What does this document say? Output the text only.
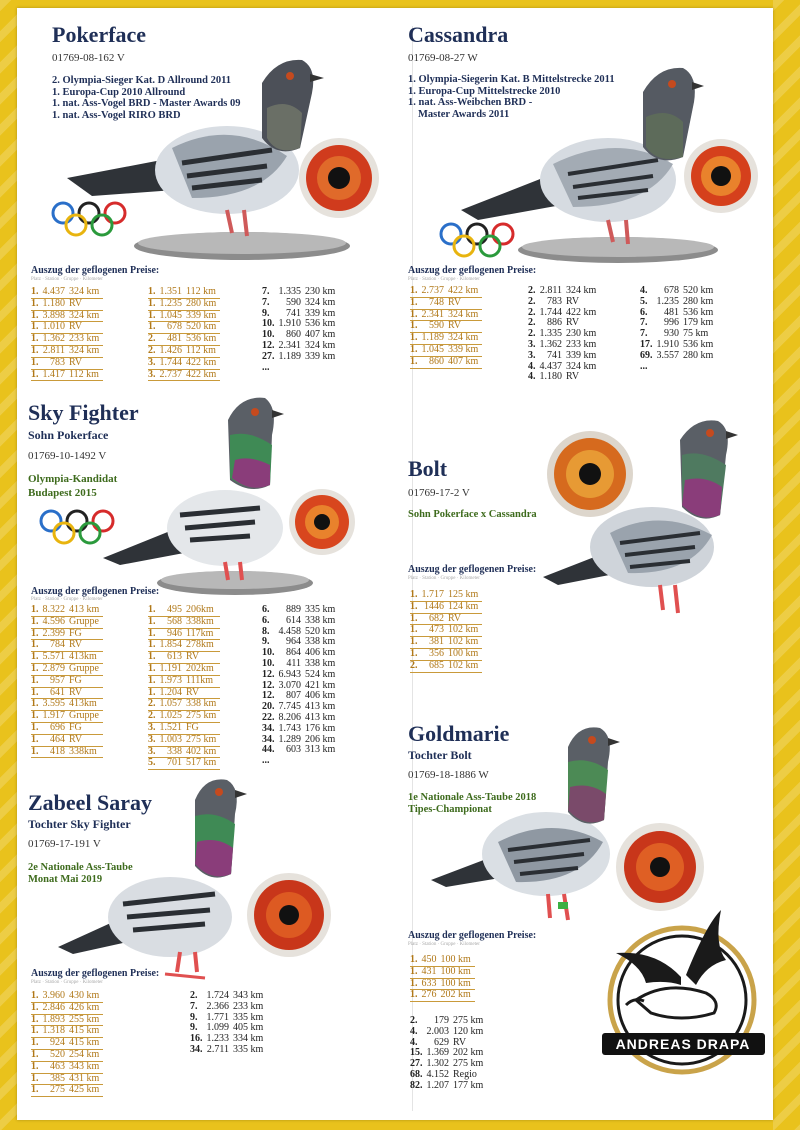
Pokerface
01769-08-162 V
2. Olympia-Sieger Kat. D Allround 2011
1. Europa-Cup 2010 Allround
1. nat. Ass-Vogel BRD - Master Awards 09
1. nat. Ass-Vogel RIRO BRD
Auszug der geflogenen Preise:
Platz · Station · Gruppe · Kilometer
1.	4.437	324 km
1.	1.180	RV
1.	3.898	324 km
1.	1.010	RV
1.	1.362	233 km
1.	2.811	324 km
1.	783	RV
1.	1.417	112 km
1.	1.351	112 km
1.	1.235	280 km
1.	1.045	339 km
1.	678	520 km
2.	481	536 km
2.	1.426	112 km
3.	1.744	422 km
3.	2.737	422 km
7.	1.335	230 km
7.	590	324 km
9.	741	339 km
10.	1.910	536 km
10.	860	407 km
12.	2.341	324 km
27.	1.189	339 km
...		
Cassandra
01769-08-27 W
1. Olympia-Siegerin Kat. B Mittelstrecke 2011
1. Europa-Cup Mittelstrecke 2010
1. nat. Ass-Weibchen BRD -
Master Awards 2011
Auszug der geflogenen Preise:
Platz · Station · Gruppe · Kilometer
1.	2.737	422 km
1.	748	RV
1.	2.341	324 km
1.	590	RV
1.	1.189	324 km
1.	1.045	339 km
1.	860	407 km
2.	2.811	324 km
2.	783	RV
2.	1.744	422 km
2.	886	RV
2.	1.335	230 km
3.	1.362	233 km
3.	741	339 km
4.	4.437	324 km
4.	1.180	RV
4.	678	520 km
5.	1.235	280 km
6.	481	536 km
7.	996	179 km
7.	930	75 km
17.	1.910	536 km
69.	3.557	280 km
...		
Sky Fighter
Sohn Pokerface
01769-10-1492 V
Olympia-Kandidat
Budapest 2015
Auszug der geflogenen Preise:
Platz · Station · Gruppe · Kilometer
1.	8.322	413 km
1.	4.596	Gruppe
1.	2.399	FG
1.	784	RV
1.	5.571	413km
1.	2.879	Gruppe
1.	957	FG
1.	641	RV
1.	3.595	413km
1.	1.917	Gruppe
1.	696	FG
1.	464	RV
1.	418	338km
1.	495	206km
1.	568	338km
1.	946	117km
1.	1.854	278km
1.	613	RV
1.	1.191	202km
1.	1.973	111km
1.	1.204	RV
2.	1.057	338 km
2.	1.025	275 km
3.	1.521	FG
3.	1.003	275 km
3.	338	402 km
5.	701	517 km
6.	889	335 km
6.	614	338 km
8.	4.458	520 km
9.	964	338 km
10.	864	406 km
10.	411	338 km
12.	6.943	524 km
12.	3.070	421 km
12.	807	406 km
20.	7.745	413 km
22.	8.206	413 km
34.	1.743	176 km
34.	1.289	206 km
44.	603	313 km
...		
Bolt
01769-17-2 V
Sohn Pokerface x Cassandra
Auszug der geflogenen Preise:
Platz · Station · Gruppe · Kilometer
1.	1.717	125 km
1.	1446	124 km
1.	682	RV
1.	473	102 km
1.	381	102 km
1.	356	100 km
2.	685	102 km
Zabeel Saray
Tochter Sky Fighter
01769-17-191 V
2e Nationale Ass-Taube
Monat Mai 2019
Auszug der geflogenen Preise:
Platz · Station · Gruppe · Kilometer
1.	3.960	430 km
1.	2.846	426 km
1.	1.893	255 km
1.	1.318	415 km
1.	924	415 km
1.	520	254 km
1.	463	343 km
1.	385	431 km
1.	275	425 km
2.	1.724	343 km
7.	2.366	233 km
9.	1.771	335 km
9.	1.099	405 km
16.	1.233	334 km
34.	2.711	335 km
Goldmarie
Tochter Bolt
01769-18-1886 W
1e Nationale Ass-Taube 2018
Tipes-Championat
Auszug der geflogenen Preise:
Platz · Station · Gruppe · Kilometer
1.	450	100 km
1.	431	100 km
1.	633	100 km
1.	276	202 km
2.	179	275 km
4.	2.003	120 km
4.	629	RV
15.	1.369	202 km
27.	1.302	275 km
68.	4.152	Regio
82.	1.207	177 km
ANDREAS DRAPA
